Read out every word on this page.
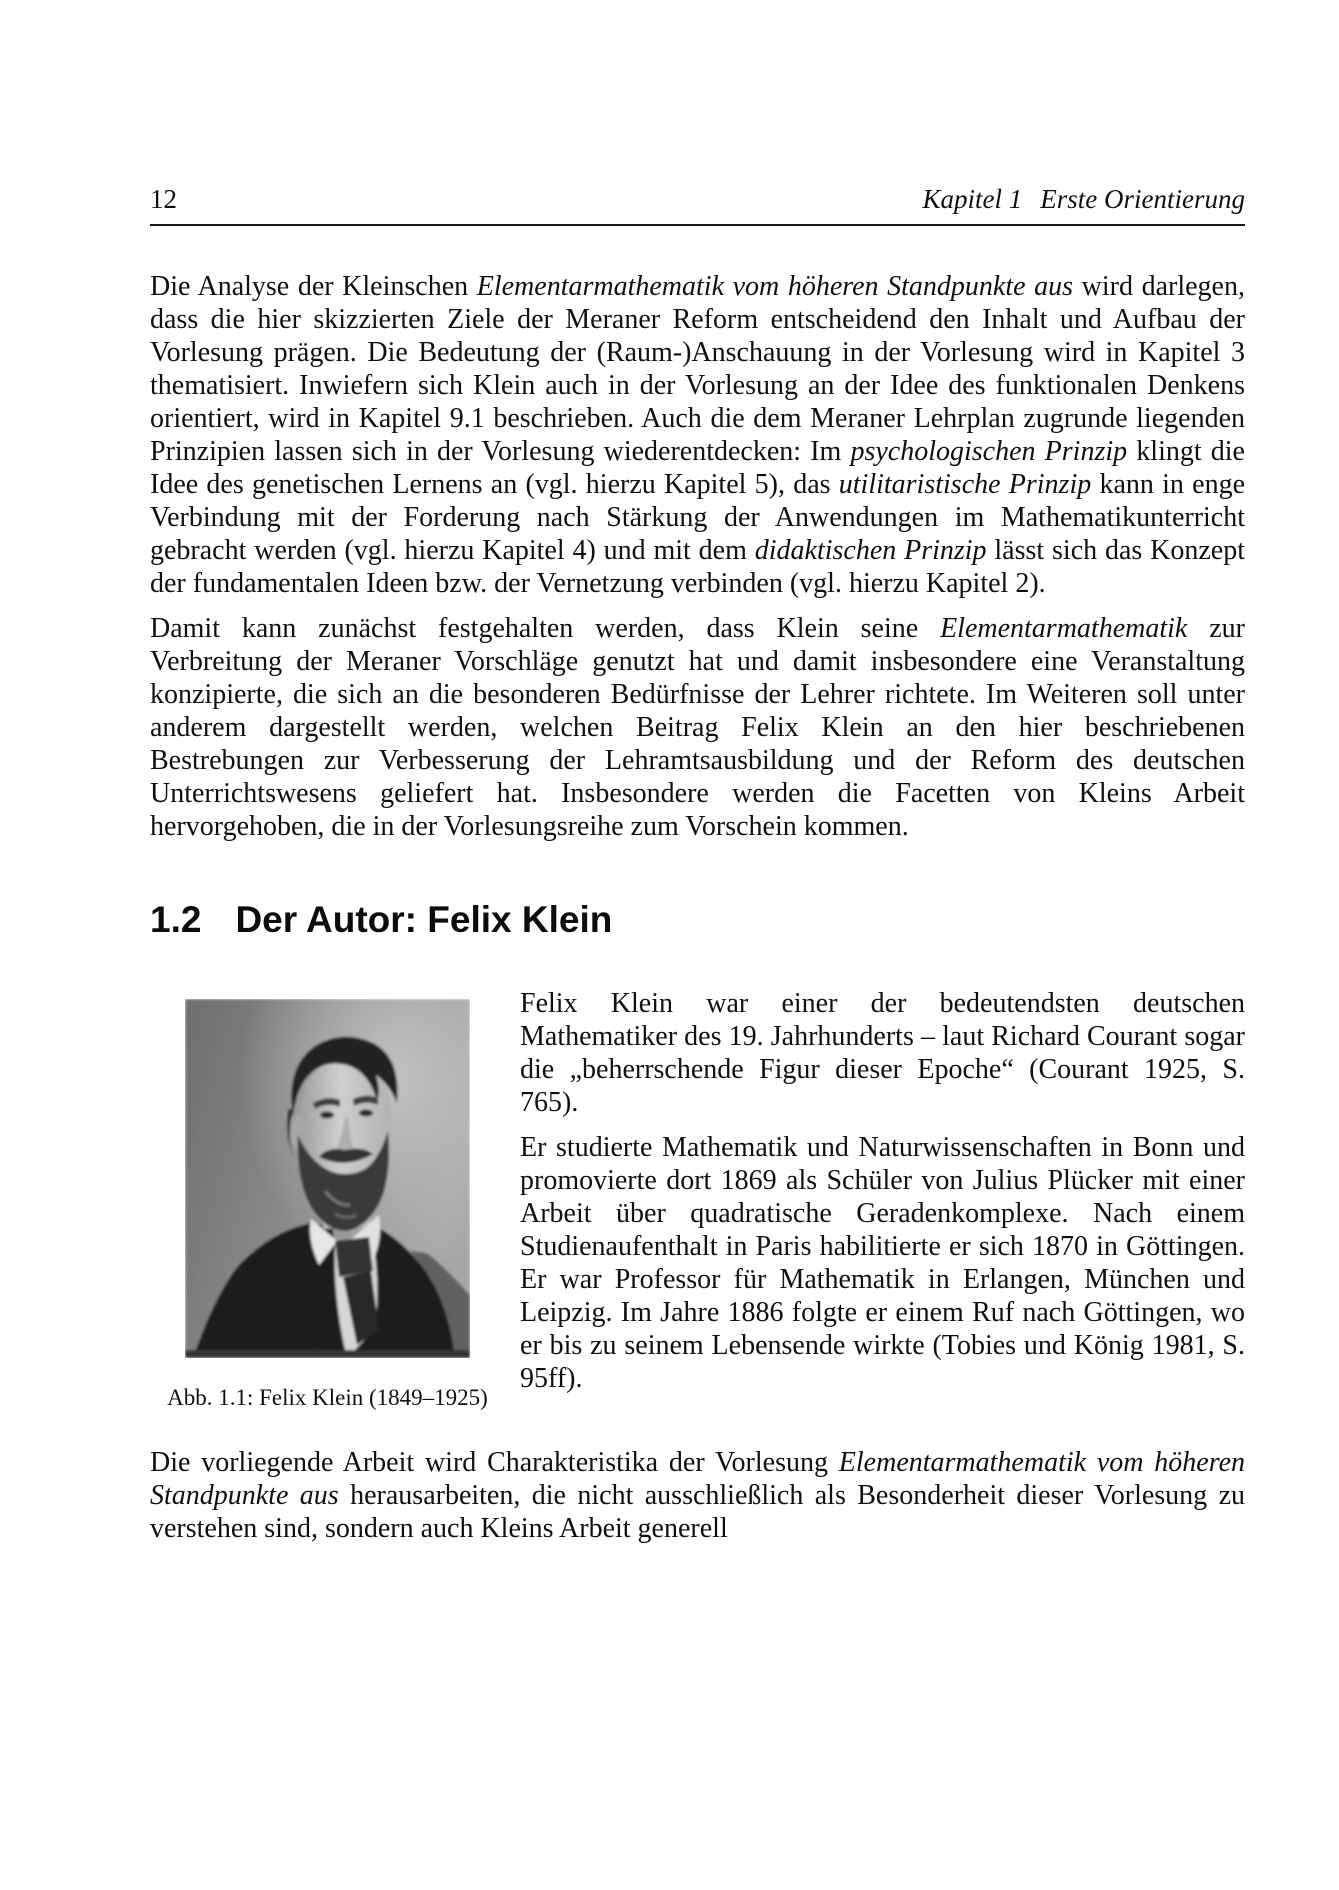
12	Kapitel 1 Erste Orientierung

Die Analyse der Kleinschen Elementarmathematik vom höheren Standpunkte aus wird darlegen, dass die hier skizzierten Ziele der Meraner Reform entscheidend den Inhalt und Aufbau der Vorlesung prägen. Die Bedeutung der (Raum-)Anschauung in der Vorlesung wird in Kapitel 3 thematisiert. Inwiefern sich Klein auch in der Vorlesung an der Idee des funktionalen Denkens orientiert, wird in Kapitel 9.1 beschrieben. Auch die dem Meraner Lehrplan zugrunde liegenden Prinzipien lassen sich in der Vorlesung wiederentdecken: Im psychologischen Prinzip klingt die Idee des genetischen Lernens an (vgl. hierzu Kapitel 5), das utilitaristische Prinzip kann in enge Verbindung mit der Forderung nach Stärkung der Anwendungen im Mathematikunterricht gebracht werden (vgl. hierzu Kapitel 4) und mit dem didaktischen Prinzip lässt sich das Konzept der fundamentalen Ideen bzw. der Vernetzung verbinden (vgl. hierzu Kapitel 2).

Damit kann zunächst festgehalten werden, dass Klein seine Elementarmathematik zur Verbreitung der Meraner Vorschläge genutzt hat und damit insbesondere eine Veranstaltung konzipierte, die sich an die besonderen Bedürfnisse der Lehrer richtete. Im Weiteren soll unter anderem dargestellt werden, welchen Beitrag Felix Klein an den hier beschriebenen Bestrebungen zur Verbesserung der Lehramtsausbildung und der Reform des deutschen Unterrichtswesens geliefert hat. Insbesondere werden die Facetten von Kleins Arbeit hervorgehoben, die in der Vorlesungsreihe zum Vorschein kommen.

1.2 Der Autor: Felix Klein
Abb. 1.1: Felix Klein (1849–1925)

Felix Klein war einer der bedeutendsten deutschen Mathematiker des 19. Jahrhunderts – laut Richard Courant sogar die „beherrschende Figur dieser Epoche“ (Courant 1925, S. 765).

Er studierte Mathematik und Naturwissenschaften in Bonn und promovierte dort 1869 als Schüler von Julius Plücker mit einer Arbeit über quadratische Geradenkomplexe. Nach einem Studienaufenthalt in Paris habilitierte er sich 1870 in Göttingen. Er war Professor für Mathematik in Erlangen, München und Leipzig. Im Jahre 1886 folgte er einem Ruf nach Göttingen, wo er bis zu seinem Lebensende wirkte (Tobies und König 1981, S. 95ff).

Die vorliegende Arbeit wird Charakteristika der Vorlesung Elementarmathematik vom höheren Standpunkte aus herausarbeiten, die nicht ausschließlich als Besonderheit dieser Vorlesung zu verstehen sind, sondern auch Kleins Arbeit generell
